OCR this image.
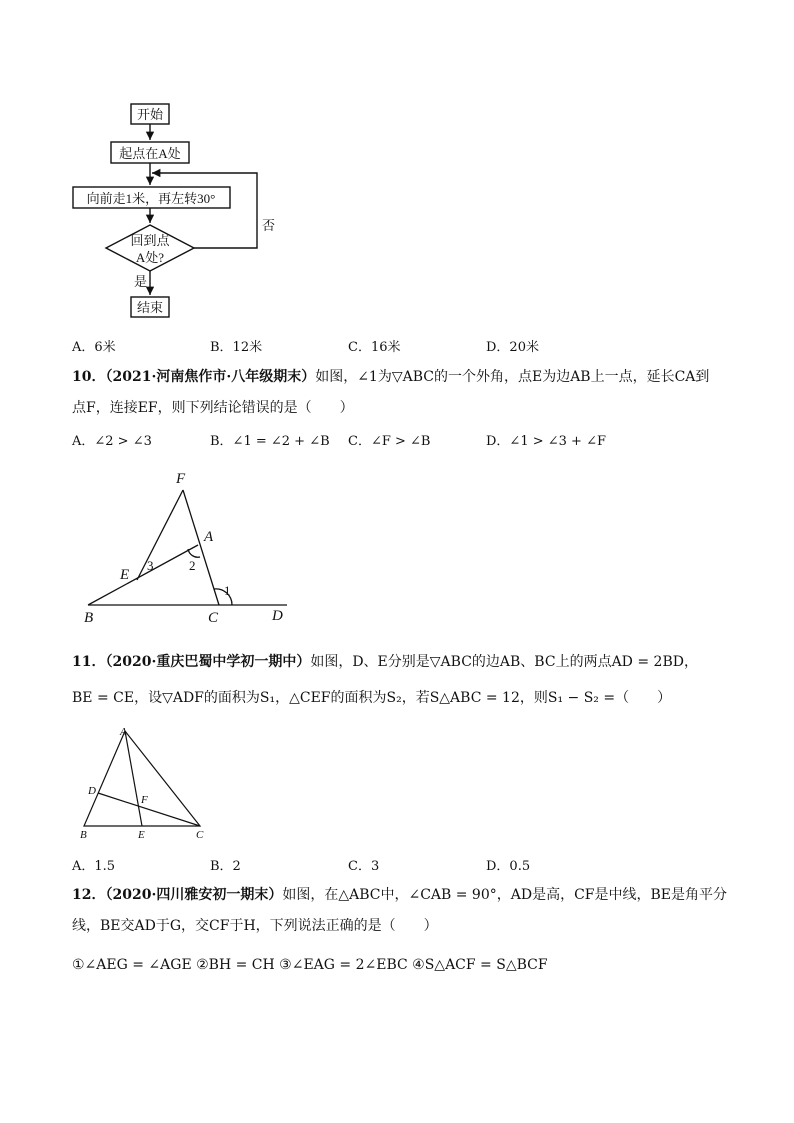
开始
起点在A处
向前走1米，再左转30°
回到点
A处?
是
否
结束
A．6米	B．12米	C．16米	D．20米
10．（2021·河南焦作市·八年级期末）如图，∠1为▽ABC的一个外角，点E为边AB上一点，延长CA到
点F，连接EF，则下列结论错误的是（　　）
A．∠2 > ∠3	B．∠1 = ∠2 + ∠B C．∠F > ∠B	D．∠1 > ∠3 + ∠F
F
A
E
B	C	D
3	2
1
11．（2020·重庆巴蜀中学初一期中）如图，D、E分别是▽ABC的边AB、BC上的两点AD = 2BD，
BE = CE，设▽ADF的面积为S₁，△CEF的面积为S₂，若S△ABC = 12，则S₁ − S₂ =（　　）
A
D
F
B	E	C
A．1.5	B．2	C．3	D．0.5
12．（2020·四川雅安初一期末）如图，在△ABC中，∠CAB = 90°，AD是高，CF是中线，BE是角平分
线，BE交AD于G，交CF于H，下列说法正确的是（　　）
①∠AEG = ∠AGE ②BH = CH ③∠EAG = 2∠EBC ④S△ACF = S△BCF
